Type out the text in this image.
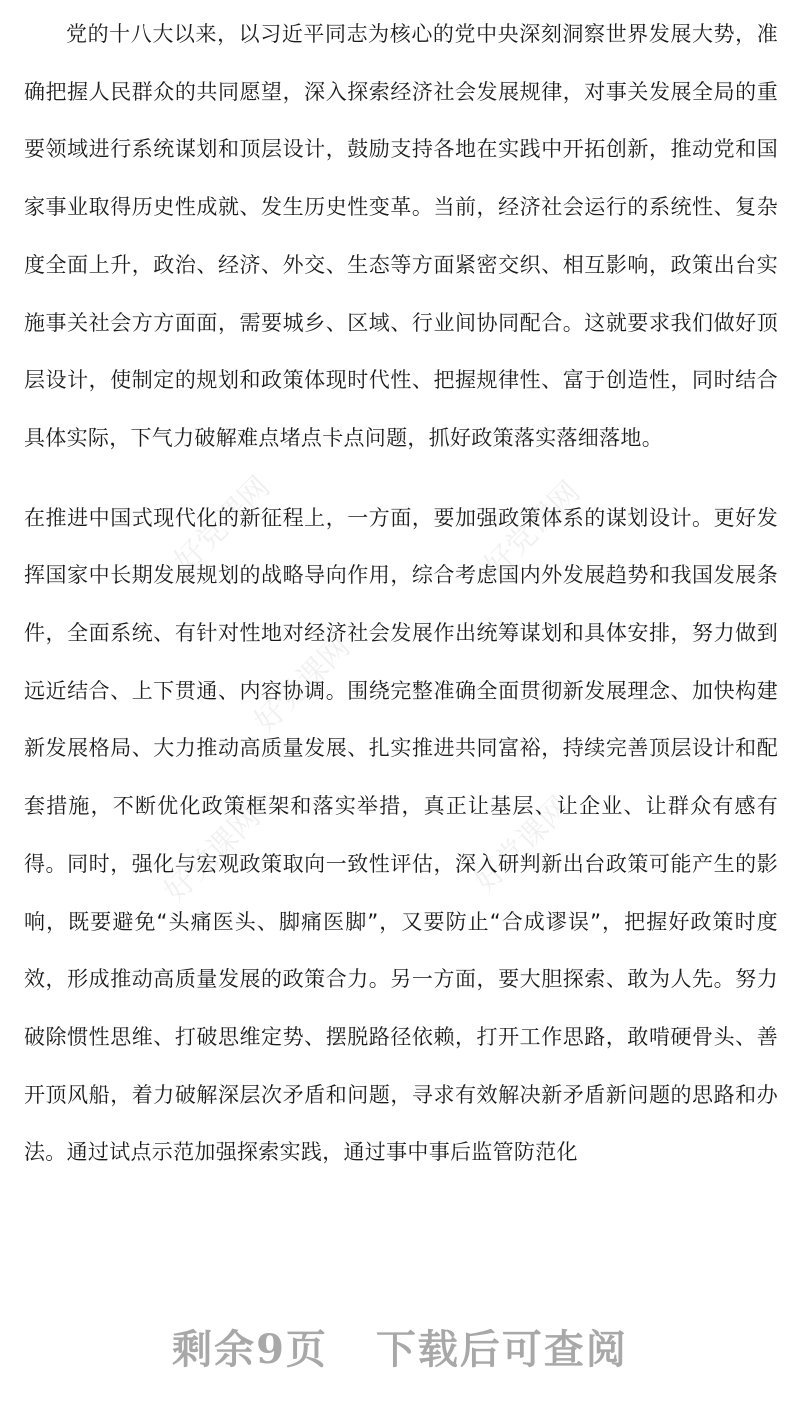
好党课网	好党课网
好党课网
好党课网	好党课网

党的十八大以来，以习近平同志为核心的党中央深刻洞察世界发展大势，准确把握人民群众的共同愿望，深入探索经济社会发展规律，对事关发展全局的重要领域进行系统谋划和顶层设计，鼓励支持各地在实践中开拓创新，推动党和国家事业取得历史性成就、发生历史性变革。当前，经济社会运行的系统性、复杂度全面上升，政治、经济、外交、生态等方面紧密交织、相互影响，政策出台实施事关社会方方面面，需要城乡、区域、行业间协同配合。这就要求我们做好顶层设计，使制定的规划和政策体现时代性、把握规律性、富于创造性，同时结合具体实际，下气力破解难点堵点卡点问题，抓好政策落实落细落地。

在推进中国式现代化的新征程上，一方面，要加强政策体系的谋划设计。更好发挥国家中长期发展规划的战略导向作用，综合考虑国内外发展趋势和我国发展条件，全面系统、有针对性地对经济社会发展作出统筹谋划和具体安排，努力做到远近结合、上下贯通、内容协调。围绕完整准确全面贯彻新发展理念、加快构建新发展格局、大力推动高质量发展、扎实推进共同富裕，持续完善顶层设计和配套措施，不断优化政策框架和落实举措，真正让基层、让企业、让群众有感有得。同时，强化与宏观政策取向一致性评估，深入研判新出台政策可能产生的影响，既要避免“头痛医头、脚痛医脚”，又要防止“合成谬误”，把握好政策时度效，形成推动高质量发展的政策合力。另一方面，要大胆探索、敢为人先。努力破除惯性思维、打破思维定势、摆脱路径依赖，打开工作思路，敢啃硬骨头、善开顶风船，着力破解深层次矛盾和问题，寻求有效解决新矛盾新问题的思路和办法。通过试点示范加强探索实践，通过事中事后监管防范化

剩余9页 下载后可查阅
